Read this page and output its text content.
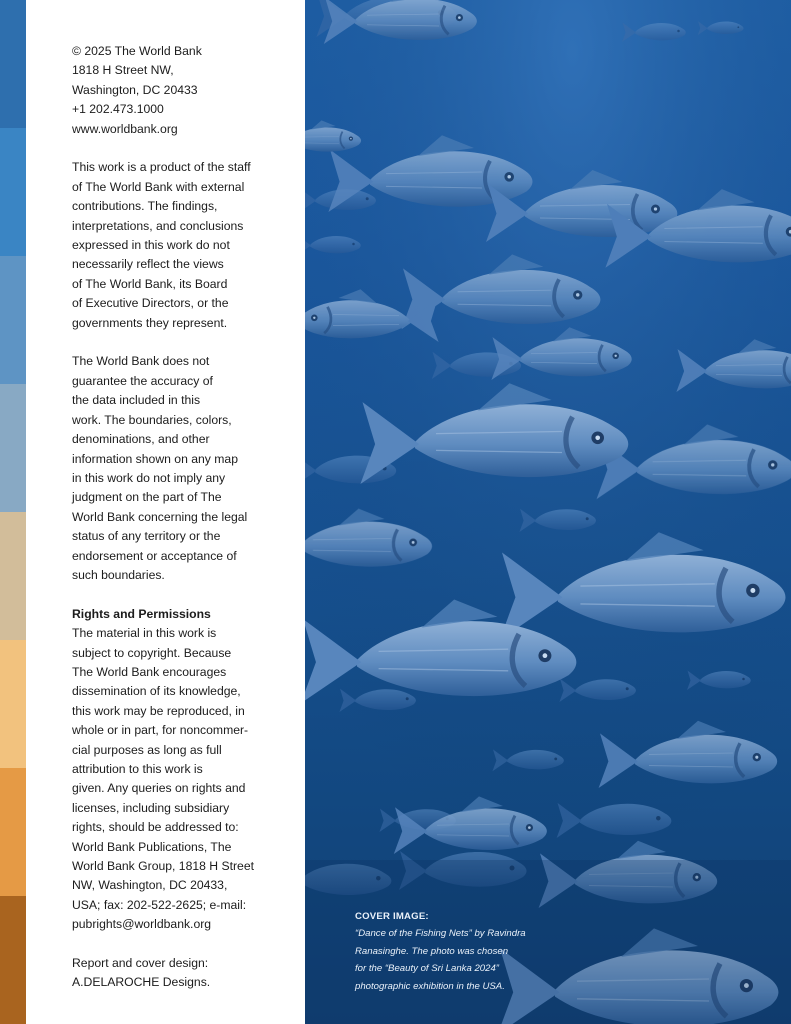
© 2025 The World Bank
1818 H Street NW,
Washington, DC 20433
+1 202.473.1000
www.worldbank.org

This work is a product of the staff
of The World Bank with external
contributions. The findings,
interpretations, and conclusions
expressed in this work do not
necessarily reflect the views
of The World Bank, its Board
of Executive Directors, or the
governments they represent.

The World Bank does not
guarantee the accuracy of
the data included in this
work. The boundaries, colors,
denominations, and other
information shown on any map
in this work do not imply any
judgment on the part of The
World Bank concerning the legal
status of any territory or the
endorsement or acceptance of
such boundaries.

Rights and Permissions
The material in this work is
subject to copyright. Because
The World Bank encourages
dissemination of its knowledge,
this work may be reproduced, in
whole or in part, for noncommer-
cial purposes as long as full
attribution to this work is
given. Any queries on rights and
licenses, including subsidiary
rights, should be addressed to:
World Bank Publications, The
World Bank Group, 1818 H Street
NW, Washington, DC 20433,
USA; fax: 202-522-2625; e-mail:
pubrights@worldbank.org

Report and cover design:
A.DELAROCHE Designs.

COVER IMAGE:
“Dance of the Fishing Nets” by Ravindra
Ranasinghe. The photo was chosen
for the “Beauty of Sri Lanka 2024”
photographic exhibition in the USA.
